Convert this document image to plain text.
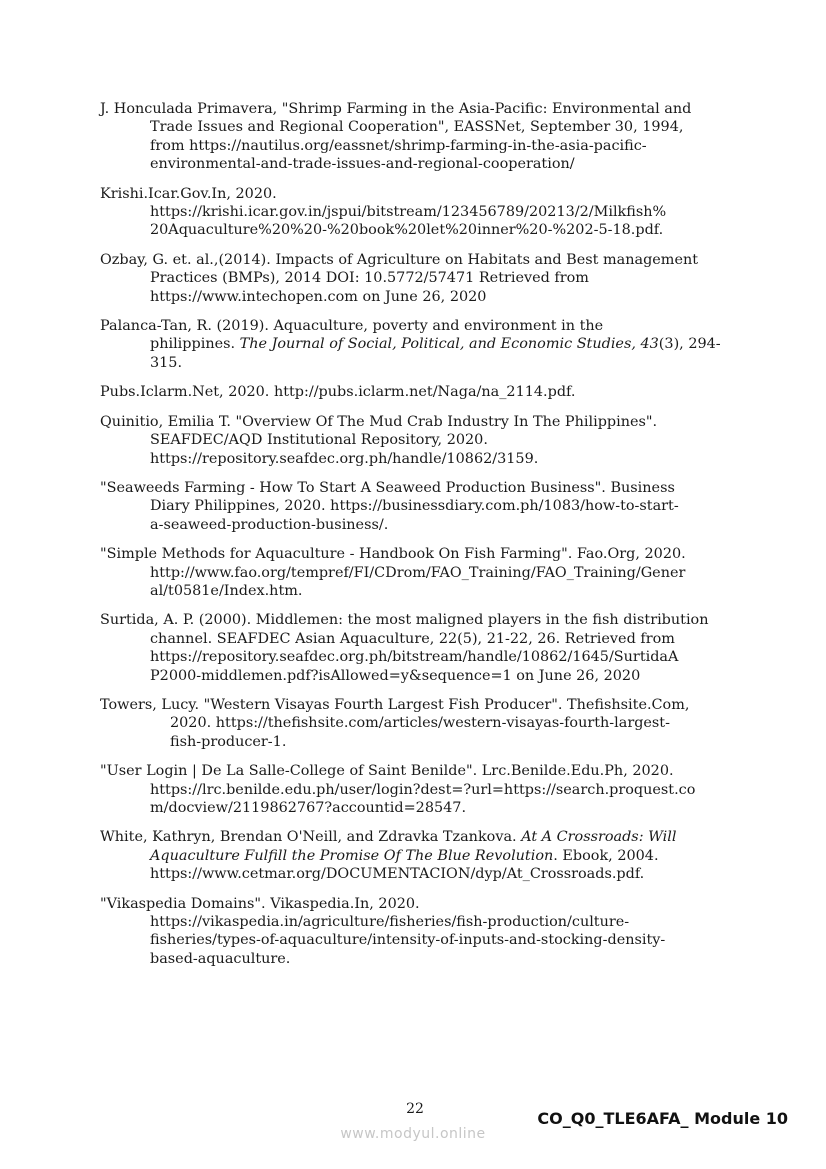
J. Honculada Primavera, "Shrimp Farming in the Asia-Pacific: Environmental and
Trade Issues and Regional Cooperation", EASSNet, September 30, 1994,
from https://nautilus.org/eassnet/shrimp-farming-in-the-asia-pacific-
environmental-and-trade-issues-and-regional-cooperation/
Krishi.Icar.Gov.In, 2020.
https://krishi.icar.gov.in/jspui/bitstream/123456789/20213/2/Milkfish%
20Aquaculture%20%20-%20book%20let%20inner%20-%202-5-18.pdf.
Ozbay, G. et. al.,(2014). Impacts of Agriculture on Habitats and Best management
Practices (BMPs), 2014 DOI: 10.5772/57471 Retrieved from
https://www.intechopen.com on June 26, 2020
Palanca-Tan, R. (2019). Aquaculture, poverty and environment in the
philippines. The Journal of Social, Political, and Economic Studies, 43(3), 294-
315.
Pubs.Iclarm.Net, 2020. http://pubs.iclarm.net/Naga/na_2114.pdf.
Quinitio, Emilia T. "Overview Of The Mud Crab Industry In The Philippines".
SEAFDEC/AQD Institutional Repository, 2020.
https://repository.seafdec.org.ph/handle/10862/3159.
"Seaweeds Farming - How To Start A Seaweed Production Business". Business
Diary Philippines, 2020. https://businessdiary.com.ph/1083/how-to-start-
a-seaweed-production-business/.
"Simple Methods for Aquaculture - Handbook On Fish Farming". Fao.Org, 2020.
http://www.fao.org/tempref/FI/CDrom/FAO_Training/FAO_Training/Gener
al/t0581e/Index.htm.
Surtida, A. P. (2000). Middlemen: the most maligned players in the fish distribution
channel. SEAFDEC Asian Aquaculture, 22(5), 21-22, 26. Retrieved from
https://repository.seafdec.org.ph/bitstream/handle/10862/1645/SurtidaA
P2000-middlemen.pdf?isAllowed=y&sequence=1 on June 26, 2020
Towers, Lucy. "Western Visayas Fourth Largest Fish Producer". Thefishsite.Com,
2020. https://thefishsite.com/articles/western-visayas-fourth-largest-
fish-producer-1.
"User Login | De La Salle-College of Saint Benilde". Lrc.Benilde.Edu.Ph, 2020.
https://lrc.benilde.edu.ph/user/login?dest=?url=https://search.proquest.co
m/docview/2119862767?accountid=28547.
White, Kathryn, Brendan O'Neill, and Zdravka Tzankova. At A Crossroads: Will
Aquaculture Fulfill the Promise Of The Blue Revolution. Ebook, 2004.
https://www.cetmar.org/DOCUMENTACION/dyp/At_Crossroads.pdf.
"Vikaspedia Domains". Vikaspedia.In, 2020.
https://vikaspedia.in/agriculture/fisheries/fish-production/culture-
fisheries/types-of-aquaculture/intensity-of-inputs-and-stocking-density-
based-aquaculture.
22	CO_Q0_TLE6AFA_ Module 10
www.modyul.online
